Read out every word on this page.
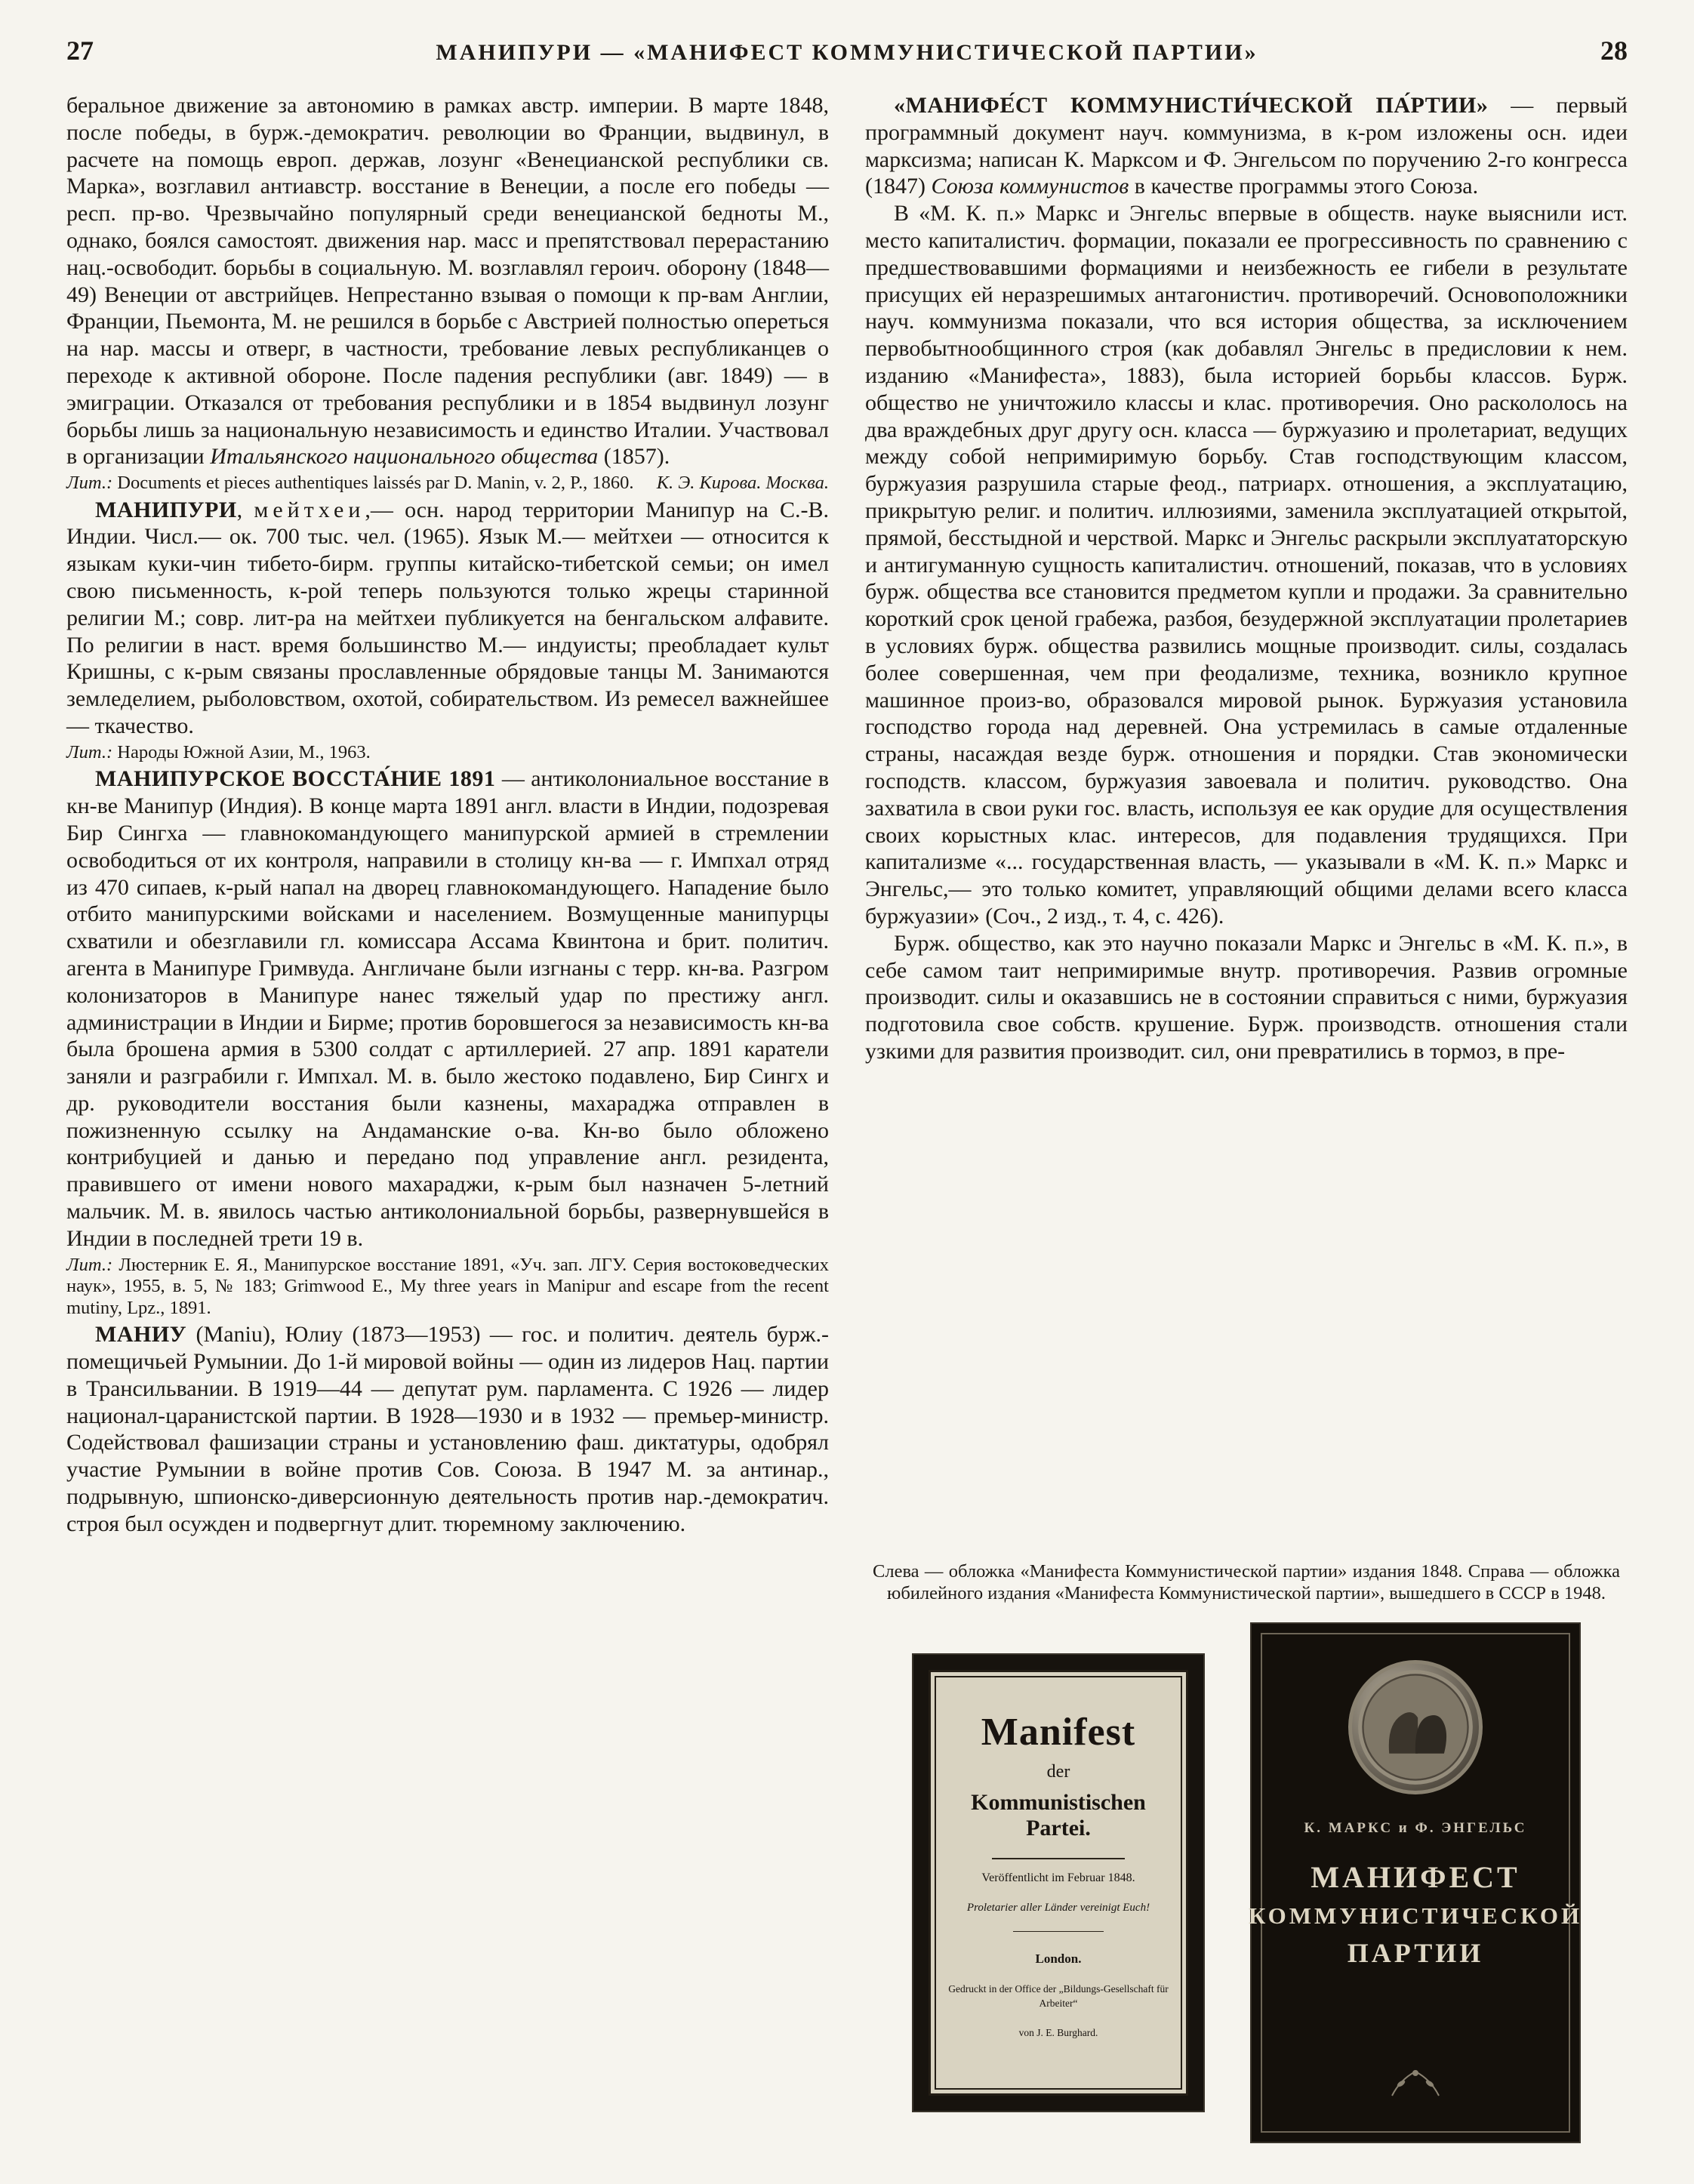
27	МАНИПУРИ — «МАНИФЕСТ КОММУНИСТИЧЕСКОЙ ПАРТИИ»	28

беральное движение за автономию в рамках австр. империи. В марте 1848, после победы, в бурж.-демократич. революции во Франции, выдвинул, в расчете на помощь европ. держав, лозунг «Венецианской республики св. Марка», возглавил антиавстр. восстание в Венеции, а после его победы — респ. пр-во. Чрезвычайно популярный среди венецианской бедноты М., однако, боялся самостоят. движения нар. масс и препятствовал перерастанию нац.-освободит. борьбы в социальную. М. возглавлял героич. оборону (1848—49) Венеции от австрийцев. Непрестанно взывая о помощи к пр-вам Англии, Франции, Пьемонта, М. не решился в борьбе с Австрией полностью опереться на нар. массы и отверг, в частности, требование левых республиканцев о переходе к активной обороне. После падения республики (авг. 1849) — в эмиграции. Отказался от требования республики и в 1854 выдвинул лозунг борьбы лишь за национальную независимость и единство Италии. Участвовал в организации Итальянского национального общества (1857).

Лит.: Documents et pieces authentiques laissés par D. Manin, v. 2, P., 1860. К. Э. Кирова. Москва.

МАНИПУРИ, мейтхеи,— осн. народ территории Манипур на С.-В. Индии. Числ.— ок. 700 тыс. чел. (1965). Язык М.— мейтхеи — относится к языкам куки-чин тибето-бирм. группы китайско-тибетской семьи; он имел свою письменность, к-рой теперь пользуются только жрецы старинной религии М.; совр. лит-ра на мейтхеи публикуется на бенгальском алфавите. По религии в наст. время большинство М.— индуисты; преобладает культ Кришны, с к-рым связаны прославленные обрядовые танцы М. Занимаются земледелием, рыболовством, охотой, собирательством. Из ремесел важнейшее — ткачество.

Лит.: Народы Южной Азии, М., 1963.

МАНИПУРСКОЕ ВОССТА́НИЕ 1891 — антиколониальное восстание в кн-ве Манипур (Индия). В конце марта 1891 англ. власти в Индии, подозревая Бир Сингха — главнокомандующего манипурской армией в стремлении освободиться от их контроля, направили в столицу кн-ва — г. Импхал отряд из 470 сипаев, к-рый напал на дворец главнокомандующего. Нападение было отбито манипурскими войсками и населением. Возмущенные манипурцы схватили и обезглавили гл. комиссара Ассама Квинтона и брит. политич. агента в Манипуре Гримвуда. Англичане были изгнаны с терр. кн-ва. Разгром колонизаторов в Манипуре нанес тяжелый удар по престижу англ. администрации в Индии и Бирме; против боровшегося за независимость кн-ва была брошена армия в 5300 солдат с артиллерией. 27 апр. 1891 каратели заняли и разграбили г. Импхал. М. в. было жестоко подавлено, Бир Сингх и др. руководители восстания были казнены, махараджа отправлен в пожизненную ссылку на Андаманские о-ва. Кн-во было обложено контрибуцией и данью и передано под управление англ. резидента, правившего от имени нового махараджи, к-рым был назначен 5-летний мальчик. М. в. явилось частью антиколониальной борьбы, развернувшейся в Индии в последней трети 19 в.

Лит.: Люстерник Е. Я., Манипурское восстание 1891, «Уч. зап. ЛГУ. Серия востоковедческих наук», 1955, в. 5, № 183; Grimwood E., My three years in Manipur and escape from the recent mutiny, Lpz., 1891.

МАНИУ (Maniu), Юлиу (1873—1953) — гос. и политич. деятель бурж.-помещичьей Румынии. До 1-й мировой войны — один из лидеров Нац. партии в Трансильвании. В 1919—44 — депутат рум. парламента. С 1926 — лидер национал-царанистской партии. В 1928—1930 и в 1932 — премьер-министр. Содействовал фашизации страны и установлению фаш. диктатуры, одобрял участие Румынии в войне против Сов. Союза. В 1947 М. за антинар., подрывную, шпионско-диверсионную деятельность против нар.-демократич. строя был осужден и подвергнут длит. тюремному заключению.

«МАНИФЕ́СТ КОММУНИСТИ́ЧЕСКОЙ ПА́РТИИ» — первый программный документ науч. коммунизма, в к-ром изложены осн. идеи марксизма; написан К. Марксом и Ф. Энгельсом по поручению 2-го конгресса (1847) Союза коммунистов в качестве программы этого Союза.

В «М. К. п.» Маркс и Энгельс впервые в обществ. науке выяснили ист. место капиталистич. формации, показали ее прогрессивность по сравнению с предшествовавшими формациями и неизбежность ее гибели в результате присущих ей неразрешимых антагонистич. противоречий. Основоположники науч. коммунизма показали, что вся история общества, за исключением первобытнообщинного строя (как добавлял Энгельс в предисловии к нем. изданию «Манифеста», 1883), была историей борьбы классов. Бурж. общество не уничтожило классы и клас. противоречия. Оно раскололось на два враждебных друг другу осн. класса — буржуазию и пролетариат, ведущих между собой непримиримую борьбу. Став господствующим классом, буржуазия разрушила старые феод., патриарх. отношения, а эксплуатацию, прикрытую религ. и политич. иллюзиями, заменила эксплуатацией открытой, прямой, бесстыдной и черствой. Маркс и Энгельс раскрыли эксплуататорскую и антигуманную сущность капиталистич. отношений, показав, что в условиях бурж. общества все становится предметом купли и продажи. За сравнительно короткий срок ценой грабежа, разбоя, безудержной эксплуатации пролетариев в условиях бурж. общества развились мощные производит. силы, создалась более совершенная, чем при феодализме, техника, возникло крупное машинное произ-во, образовался мировой рынок. Буржуазия установила господство города над деревней. Она устремилась в самые отдаленные страны, насаждая везде бурж. отношения и порядки. Став экономически господств. классом, буржуазия завоевала и политич. руководство. Она захватила в свои руки гос. власть, используя ее как орудие для осуществления своих корыстных клас. интересов, для подавления трудящихся. При капитализме «... государственная власть, — указывали в «М. К. п.» Маркс и Энгельс,— это только комитет, управляющий общими делами всего класса буржуазии» (Соч., 2 изд., т. 4, с. 426).

Бурж. общество, как это научно показали Маркс и Энгельс в «М. К. п.», в себе самом таит непримиримые внутр. противоречия. Развив огромные производит. силы и оказавшись не в состоянии справиться с ними, буржуазия подготовила свое собств. крушение. Бурж. производств. отношения стали узкими для развития производит. сил, они превратились в тормоз, в пре-

Слева — обложка «Манифеста Коммунистической партии» издания 1848. Справа — обложка юбилейного издания «Манифеста Коммунистической партии», вышедшего в СССР в 1948.
Manifest
der
Kommunistischen Partei.
Veröffentlicht im Februar 1848.
Proletarier aller Länder vereinigt Euch!
London.
Gedruckt in der Office der „Bildungs-Gesellschaft für Arbeiter“
von J. E. Burghard.
К. МАРКС и Ф. ЭНГЕЛЬС
МАНИФЕСТ
КОММУНИСТИЧЕСКОЙ
ПАРТИИ
